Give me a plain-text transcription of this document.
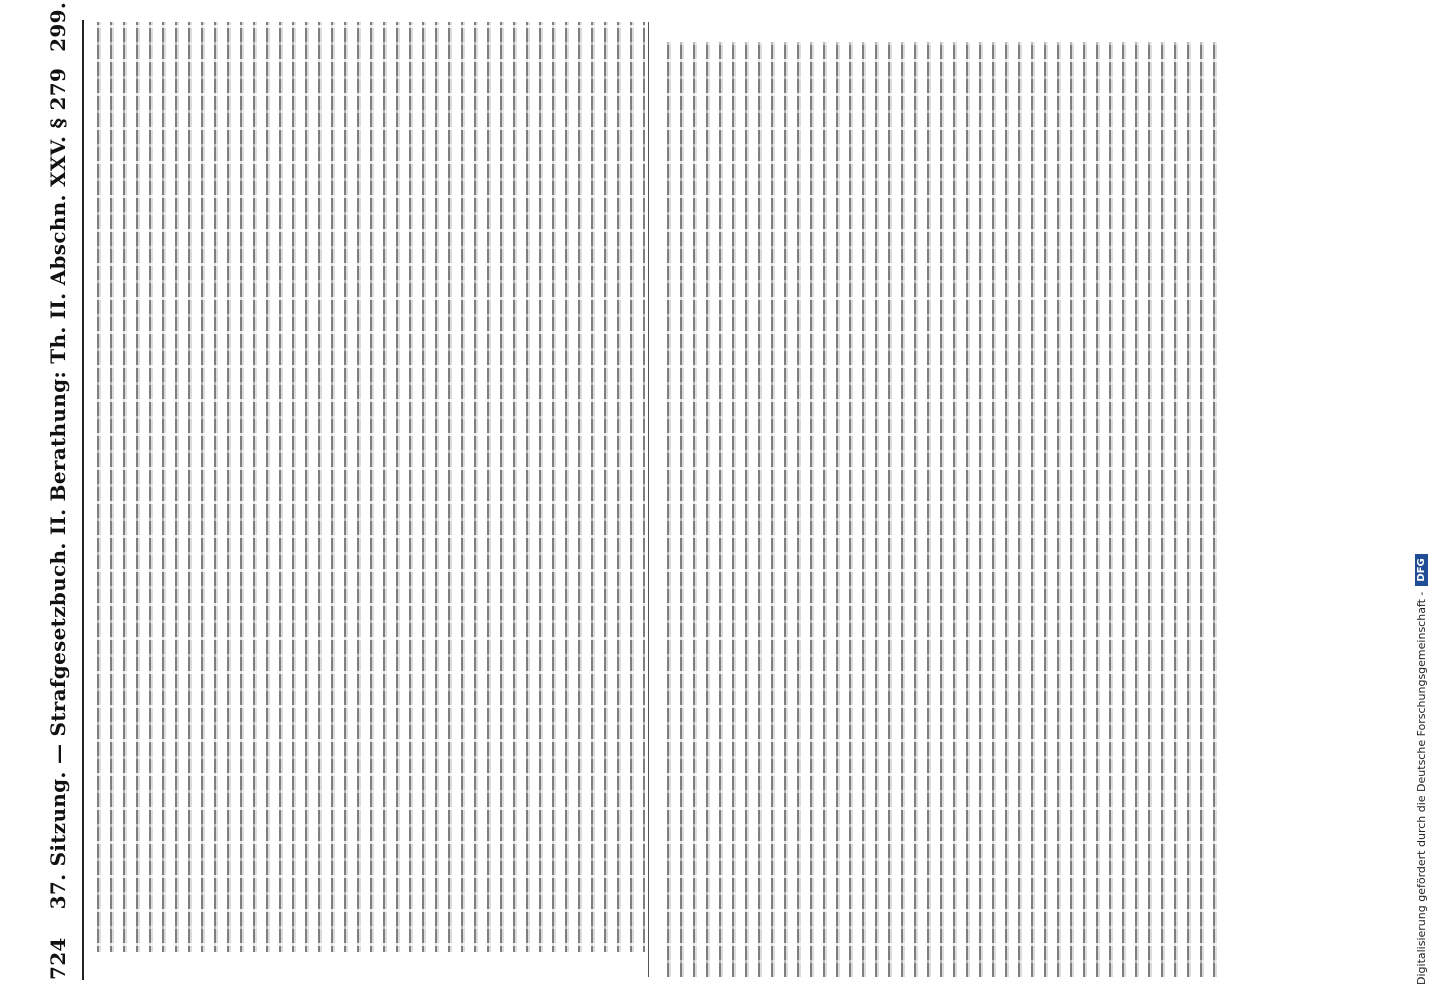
724
37. Sitzung. — Strafgesetzbuch. II. Berathung: Th. II. Abschn. XXV. § 279
299.
Digitalisierung gefördert durch die Deutsche Forschungsgemeinschaft -
DFG
